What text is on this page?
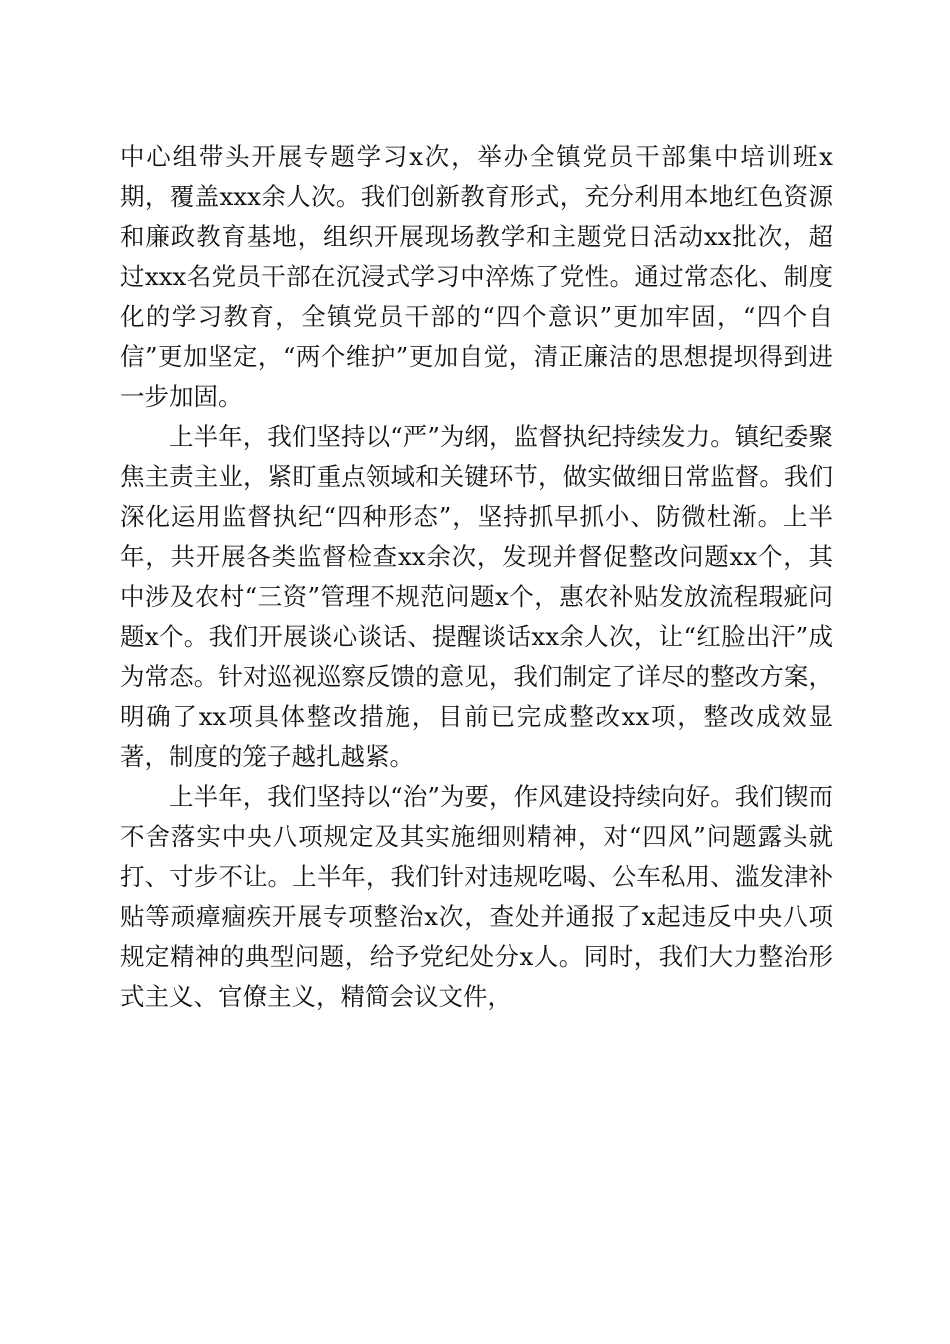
中心组带头开展专题学习x次，举办全镇党员干部集中培训班x期，覆盖xxx余人次。我们创新教育形式，充分利用本地红色资源和廉政教育基地，组织开展现场教学和主题党日活动xx批次，超过xxx名党员干部在沉浸式学习中淬炼了党性。通过常态化、制度化的学习教育，全镇党员干部的“四个意识”更加牢固，“四个自信”更加坚定，“两个维护”更加自觉，清正廉洁的思想提坝得到进一步加固。

上半年，我们坚持以“严”为纲，监督执纪持续发力。镇纪委聚焦主责主业，紧盯重点领域和关键环节，做实做细日常监督。我们深化运用监督执纪“四种形态”，坚持抓早抓小、防微杜渐。上半年，共开展各类监督检查xx余次，发现并督促整改问题xx个，其中涉及农村“三资”管理不规范问题x个，惠农补贴发放流程瑕疵问题x个。我们开展谈心谈话、提醒谈话xx余人次，让“红脸出汗”成为常态。针对巡视巡察反馈的意见，我们制定了详尽的整改方案，明确了xx项具体整改措施，目前已完成整改xx项，整改成效显著，制度的笼子越扎越紧。

上半年，我们坚持以“治”为要，作风建设持续向好。我们锲而不舍落实中央八项规定及其实施细则精神，对“四风”问题露头就打、寸步不让。上半年，我们针对违规吃喝、公车私用、滥发津补贴等顽瘴痼疾开展专项整治x次，查处并通报了x起违反中央八项规定精神的典型问题，给予党纪处分x人。同时，我们大力整治形式主义、官僚主义，精简会议文件，
